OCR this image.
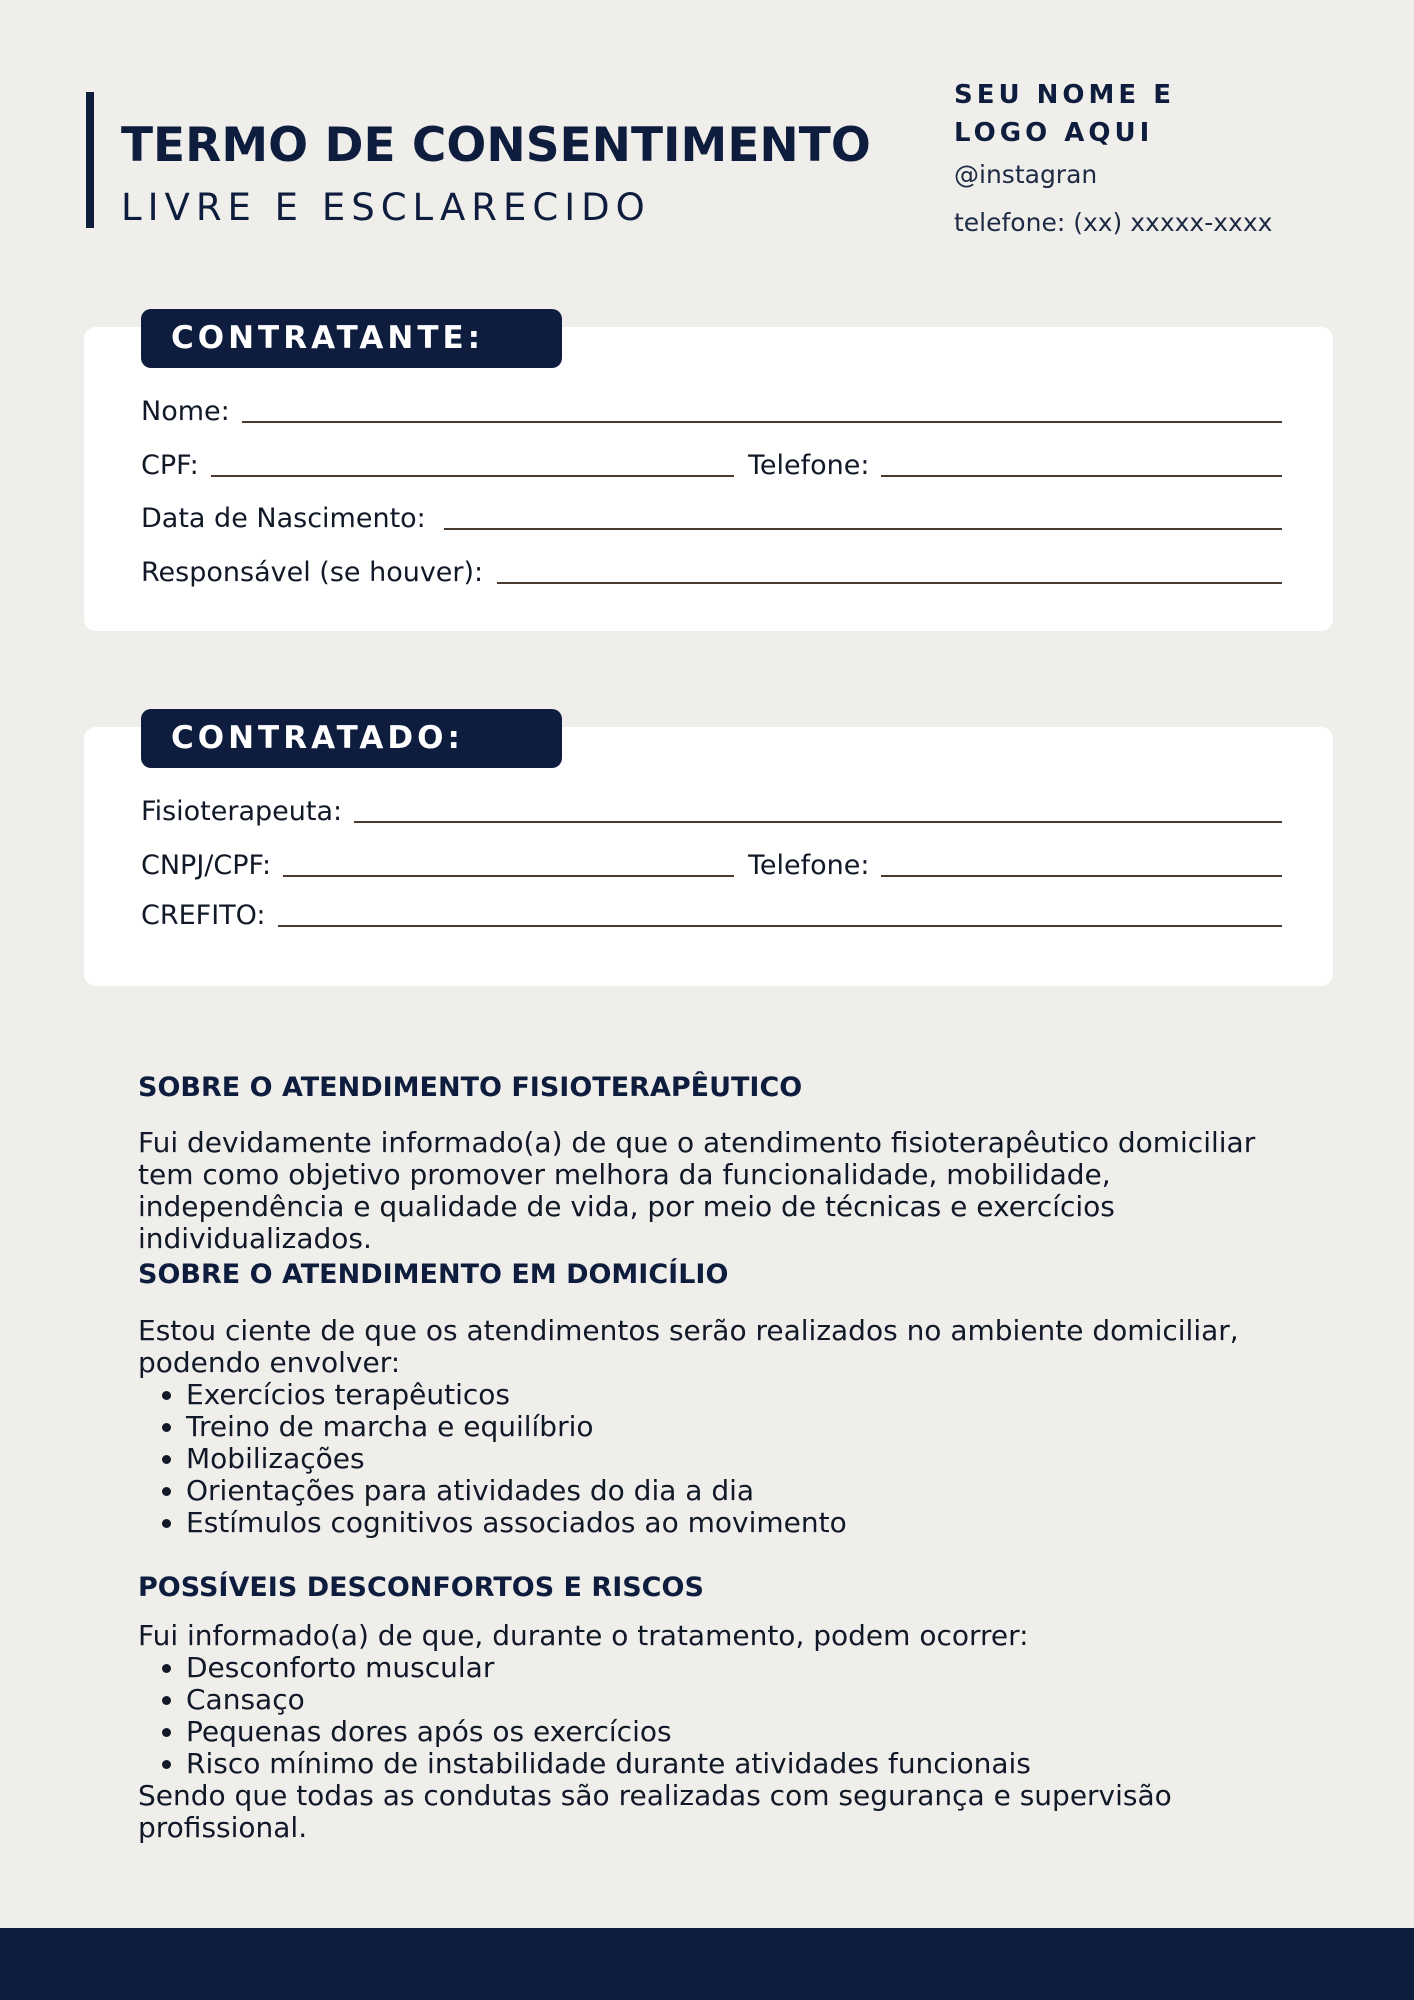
TERMO DE CONSENTIMENTO
LIVRE E ESCLARECIDO
SEU NOME E LOGO AQUI
@instagran
telefone: (xx) xxxxx-xxxx
CONTRATANTE:
Nome:
CPF:	Telefone:
Data de Nascimento:
Responsável (se houver):
CONTRATADO:
Fisioterapeuta:
CNPJ/CPF:	Telefone:
CREFITO:
SOBRE O ATENDIMENTO FISIOTERAPÊUTICO
Fui devidamente informado(a) de que o atendimento fisioterapêutico domiciliar tem como objetivo promover melhora da funcionalidade, mobilidade, independência e qualidade de vida, por meio de técnicas e exercícios individualizados.
SOBRE O ATENDIMENTO EM DOMICÍLIO
Estou ciente de que os atendimentos serão realizados no ambiente domiciliar, podendo envolver:
• Exercícios terapêuticos
• Treino de marcha e equilíbrio
• Mobilizações
• Orientações para atividades do dia a dia
• Estímulos cognitivos associados ao movimento
POSSÍVEIS DESCONFORTOS E RISCOS
Fui informado(a) de que, durante o tratamento, podem ocorrer:
• Desconforto muscular
• Cansaço
• Pequenas dores após os exercícios
• Risco mínimo de instabilidade durante atividades funcionais
Sendo que todas as condutas são realizadas com segurança e supervisão profissional.
